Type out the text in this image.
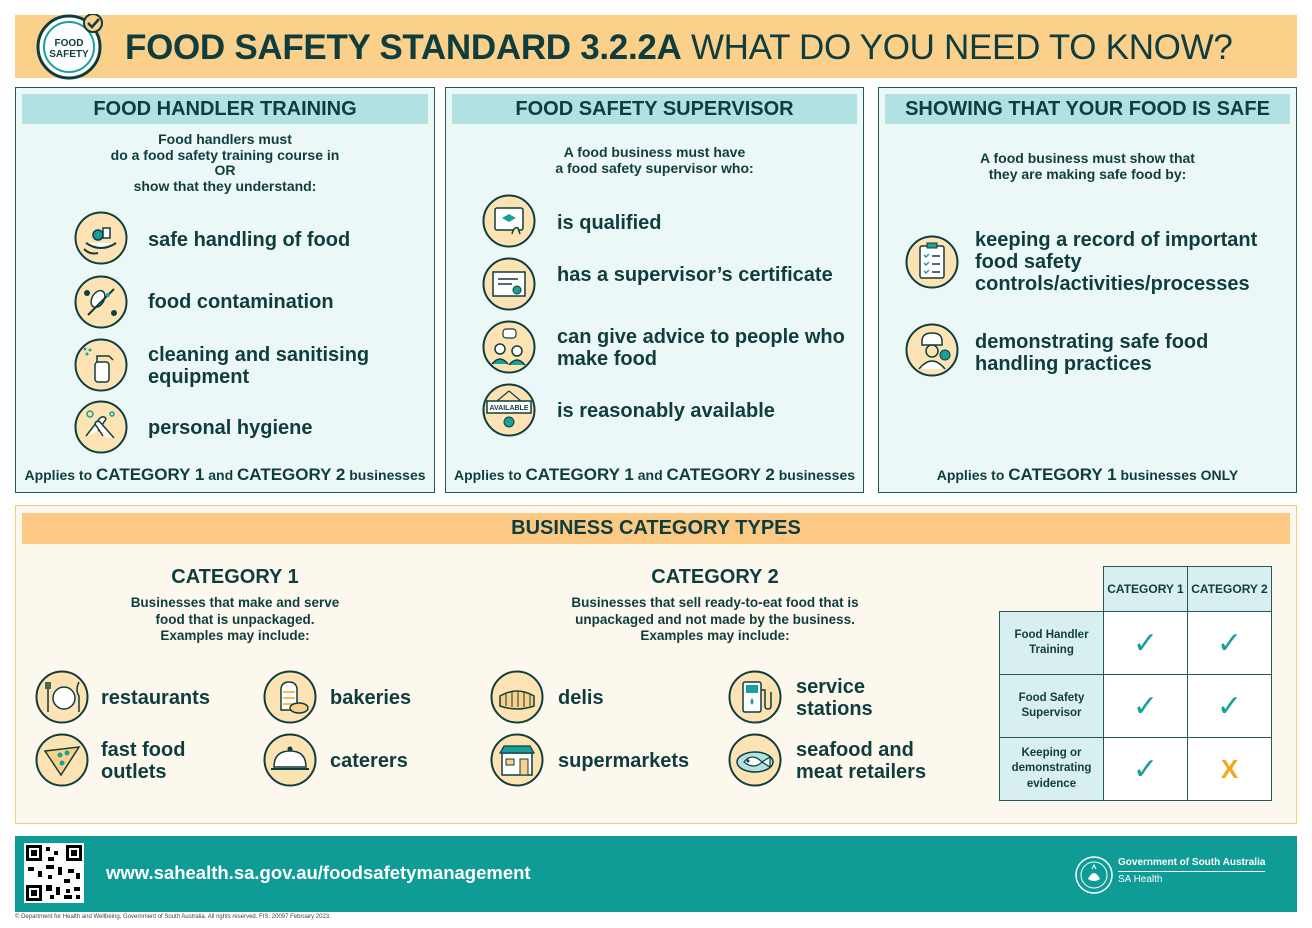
FOOD
SAFETY FOOD SAFETY STANDARD 3.2.2A WHAT DO YOU NEED TO KNOW?
FOOD HANDLER TRAINING
Food handlers must
do a food safety training course in
OR
show that they understand:
safe handling of food
food contamination
cleaning and sanitising equipment
personal hygiene
Applies to CATEGORY 1 and CATEGORY 2 businesses
FOOD SAFETY SUPERVISOR
A food business must have
a food safety supervisor who:
is qualified
has a supervisor’s certificate
can give advice to people who make food
AVAILABLE is reasonably available
Applies to CATEGORY 1 and CATEGORY 2 businesses
SHOWING THAT YOUR FOOD IS SAFE
A food business must show that
they are making safe food by:
keeping a record of important food safety controls/activities/processes
demonstrating safe food handling practices
Applies to CATEGORY 1 businesses ONLY
BUSINESS CATEGORY TYPES
CATEGORY 1
Businesses that make and serve
food that is unpackaged.
Examples may include:
CATEGORY 2
Businesses that sell ready-to-eat food that is
unpackaged and not made by the business.
Examples may include:
restaurants	bakeries
fast food outlets	caterers
delis	service stations
supermarkets	seafood and meat retailers
	CATEGORY 1	CATEGORY 2

Food Handler Training	✓	✓

Food Safety Supervisor	✓	✓

Keeping or demonstrating evidence	✓	X
www.sahealth.sa.gov.au/foodsafetymanagement	Government of South Australia
SA Health
© Department for Health and Wellbeing, Government of South Australia. All rights reserved. FIS: 20097 February 2023.
